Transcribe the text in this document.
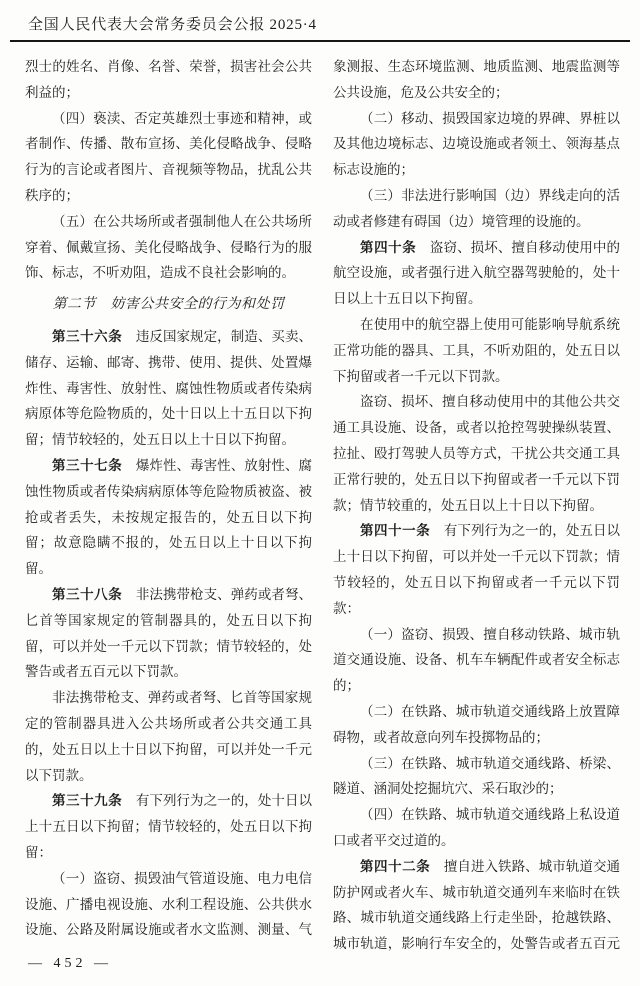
全国人民代表大会常务委员会公报 2025·4

烈士的姓名、肖像、名誉、荣誉，损害社会公共利益的；

（四）亵渎、否定英雄烈士事迹和精神，或者制作、传播、散布宣扬、美化侵略战争、侵略行为的言论或者图片、音视频等物品，扰乱公共秩序的；

（五）在公共场所或者强制他人在公共场所穿着、佩戴宣扬、美化侵略战争、侵略行为的服饰、标志，不听劝阻，造成不良社会影响的。

第二节　妨害公共安全的行为和处罚

第三十六条　违反国家规定，制造、买卖、储存、运输、邮寄、携带、使用、提供、处置爆炸性、毒害性、放射性、腐蚀性物质或者传染病病原体等危险物质的，处十日以上十五日以下拘留；情节较轻的，处五日以上十日以下拘留。

第三十七条　爆炸性、毒害性、放射性、腐蚀性物质或者传染病病原体等危险物质被盗、被抢或者丢失，未按规定报告的，处五日以下拘留；故意隐瞒不报的，处五日以上十日以下拘留。

第三十八条　非法携带枪支、弹药或者弩、匕首等国家规定的管制器具的，处五日以下拘留，可以并处一千元以下罚款；情节较轻的，处警告或者五百元以下罚款。

非法携带枪支、弹药或者弩、匕首等国家规定的管制器具进入公共场所或者公共交通工具的，处五日以上十日以下拘留，可以并处一千元以下罚款。

第三十九条　有下列行为之一的，处十日以上十五日以下拘留；情节较轻的，处五日以下拘留：

（一）盗窃、损毁油气管道设施、电力电信设施、广播电视设施、水利工程设施、公共供水设施、公路及附属设施或者水文监测、测量、气

象测报、生态环境监测、地质监测、地震监测等公共设施，危及公共安全的；

（二）移动、损毁国家边境的界碑、界桩以及其他边境标志、边境设施或者领土、领海基点标志设施的；

（三）非法进行影响国（边）界线走向的活动或者修建有碍国（边）境管理的设施的。

第四十条　盗窃、损坏、擅自移动使用中的航空设施，或者强行进入航空器驾驶舱的，处十日以上十五日以下拘留。

在使用中的航空器上使用可能影响导航系统正常功能的器具、工具，不听劝阻的，处五日以下拘留或者一千元以下罚款。

盗窃、损坏、擅自移动使用中的其他公共交通工具设施、设备，或者以抢控驾驶操纵装置、拉扯、殴打驾驶人员等方式，干扰公共交通工具正常行驶的，处五日以下拘留或者一千元以下罚款；情节较重的，处五日以上十日以下拘留。

第四十一条　有下列行为之一的，处五日以上十日以下拘留，可以并处一千元以下罚款；情节较轻的，处五日以下拘留或者一千元以下罚款：

（一）盗窃、损毁、擅自移动铁路、城市轨道交通设施、设备、机车车辆配件或者安全标志的；

（二）在铁路、城市轨道交通线路上放置障碍物，或者故意向列车投掷物品的；

（三）在铁路、城市轨道交通线路、桥梁、隧道、涵洞处挖掘坑穴、采石取沙的；

（四）在铁路、城市轨道交通线路上私设道口或者平交过道的。

第四十二条　擅自进入铁路、城市轨道交通防护网或者火车、城市轨道交通列车来临时在铁路、城市轨道交通线路上行走坐卧，抢越铁路、城市轨道，影响行车安全的，处警告或者五百元

— 452 —
